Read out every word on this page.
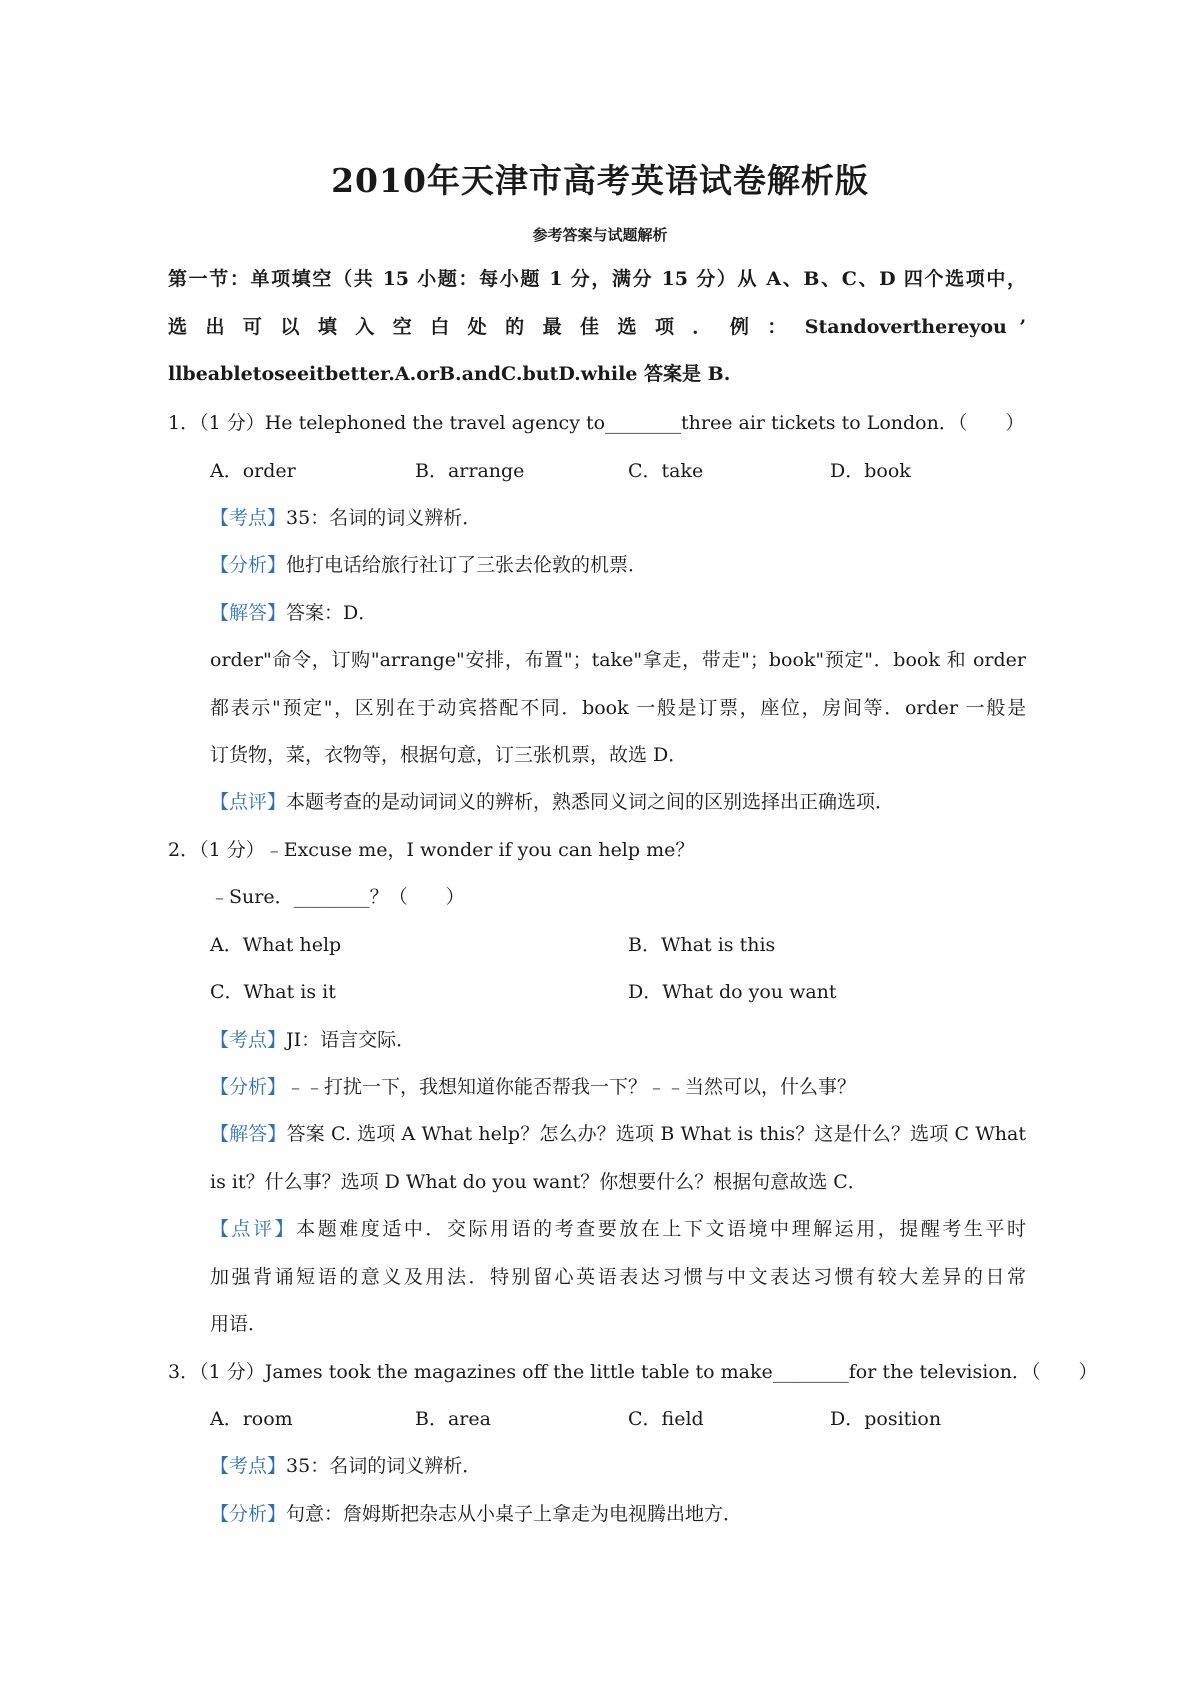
2010年天津市高考英语试卷解析版
参考答案与试题解析
第一节：单项填空（共 15 小题：每小题 1 分，满分 15 分）从 A、B、C、D 四个选项中，
选 出 可 以 填 入 空 白 处 的 最 佳 选 项 ． 例 ： Standoverthereyou ’
llbeabletoseeitbetter.A.orB.andC.butD.while 答案是 B.
1．（1 分）He telephoned the travel agency to________three air tickets to London．（　　）
A．order	B．arrange	C．take	D．book
【考点】35：名词的词义辨析．
【分析】他打电话给旅行社订了三张去伦敦的机票．
【解答】答案：D．
order"命令，订购"arrange"安排，布置"；take"拿走，带走"；book"预定"．book 和 order
都表示"预定"，区别在于动宾搭配不同．book 一般是订票，座位，房间等．order 一般是
订货物，菜，衣物等，根据句意，订三张机票，故选 D．
【点评】本题考查的是动词词义的辨析，熟悉同义词之间的区别选择出正确选项．
2．（1 分）﹣Excuse me，I wonder if you can help me？
﹣Sure．________？（　　）
A．What help	B．What is this
C．What is it	D．What do you want
【考点】JI：语言交际．
【分析】﹣﹣打扰一下，我想知道你能否帮我一下？﹣﹣当然可以，什么事？
【解答】答案 C. 选项 A What help？怎么办？选项 B What is this？这是什么？选项 C What
is it？什么事？选项 D What do you want？你想要什么？根据句意故选 C．
【点评】本题难度适中．交际用语的考查要放在上下文语境中理解运用，提醒考生平时
加强背诵短语的意义及用法．特别留心英语表达习惯与中文表达习惯有较大差异的日常
用语．
3．（1 分）James took the magazines off the little table to make________for the television．（　　）
A．room	B．area	C．field	D．position
【考点】35：名词的词义辨析．
【分析】句意：詹姆斯把杂志从小桌子上拿走为电视腾出地方．
